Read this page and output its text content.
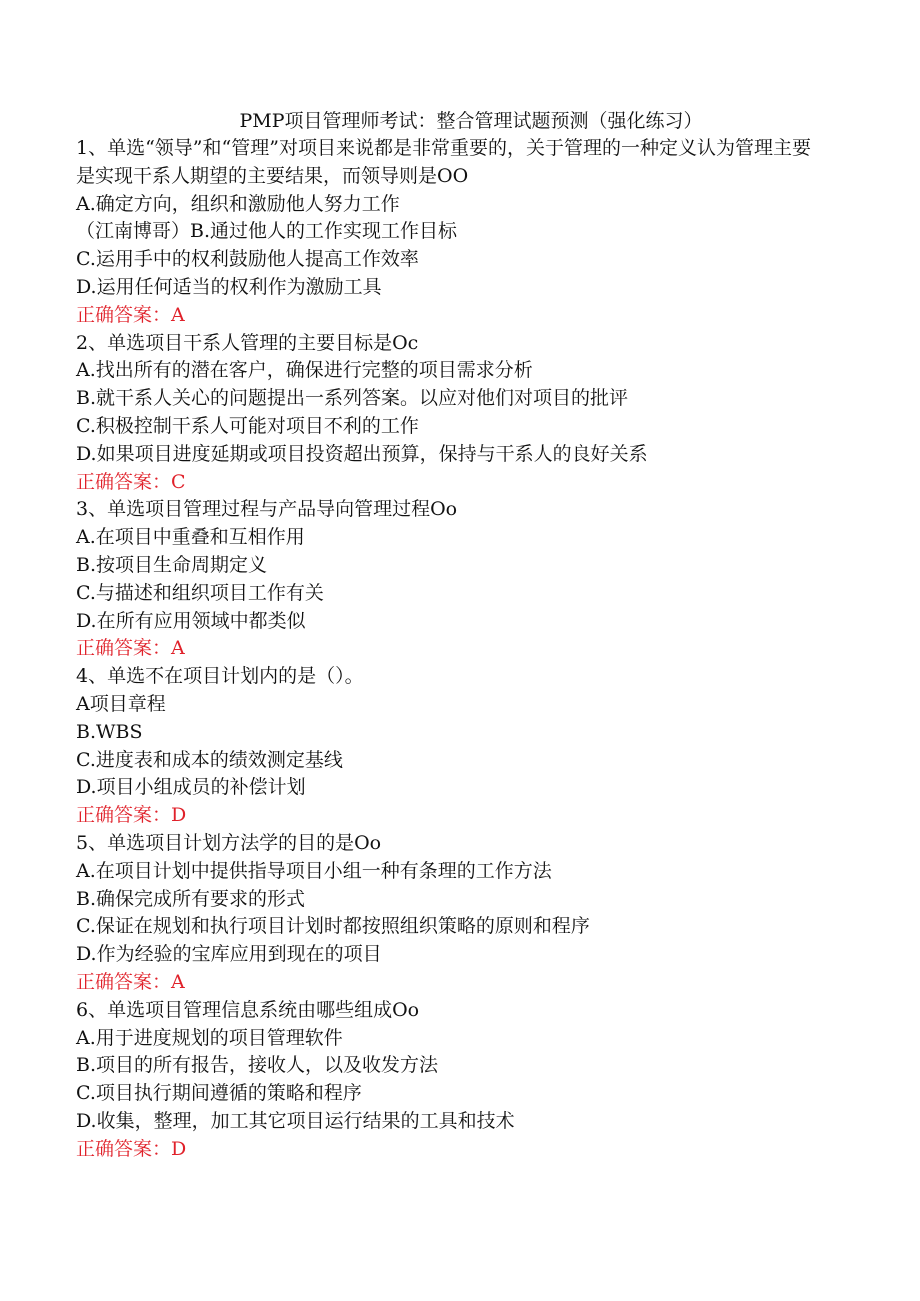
PMP项目管理师考试：整合管理试题预测（强化练习）
1、单选“领导”和“管理”对项目来说都是非常重要的，关于管理的一种定义认为管理主要是实现干系人期望的主要结果，而领导则是OO
A.确定方向，组织和激励他人努力工作
（江南博哥）B.通过他人的工作实现工作目标
C.运用手中的权利鼓励他人提高工作效率
D.运用任何适当的权利作为激励工具
正确答案：A
2、单选项目干系人管理的主要目标是Oc
A.找出所有的潜在客户，确保进行完整的项目需求分析
B.就干系人关心的问题提出一系列答案。以应对他们对项目的批评
C.积极控制干系人可能对项目不利的工作
D.如果项目进度延期或项目投资超出预算，保持与干系人的良好关系
正确答案：C
3、单选项目管理过程与产品导向管理过程Oo
A.在项目中重叠和互相作用
B.按项目生命周期定义
C.与描述和组织项目工作有关
D.在所有应用领域中都类似
正确答案：A
4、单选不在项目计划内的是（）。
A项目章程
B.WBS
C.进度表和成本的绩效测定基线
D.项目小组成员的补偿计划
正确答案：D
5、单选项目计划方法学的目的是Oo
A.在项目计划中提供指导项目小组一种有条理的工作方法
B.确保完成所有要求的形式
C.保证在规划和执行项目计划时都按照组织策略的原则和程序
D.作为经验的宝库应用到现在的项目
正确答案：A
6、单选项目管理信息系统由哪些组成Oo
A.用于进度规划的项目管理软件
B.项目的所有报告，接收人，以及收发方法
C.项目执行期间遵循的策略和程序
D.收集，整理，加工其它项目运行结果的工具和技术
正确答案：D
